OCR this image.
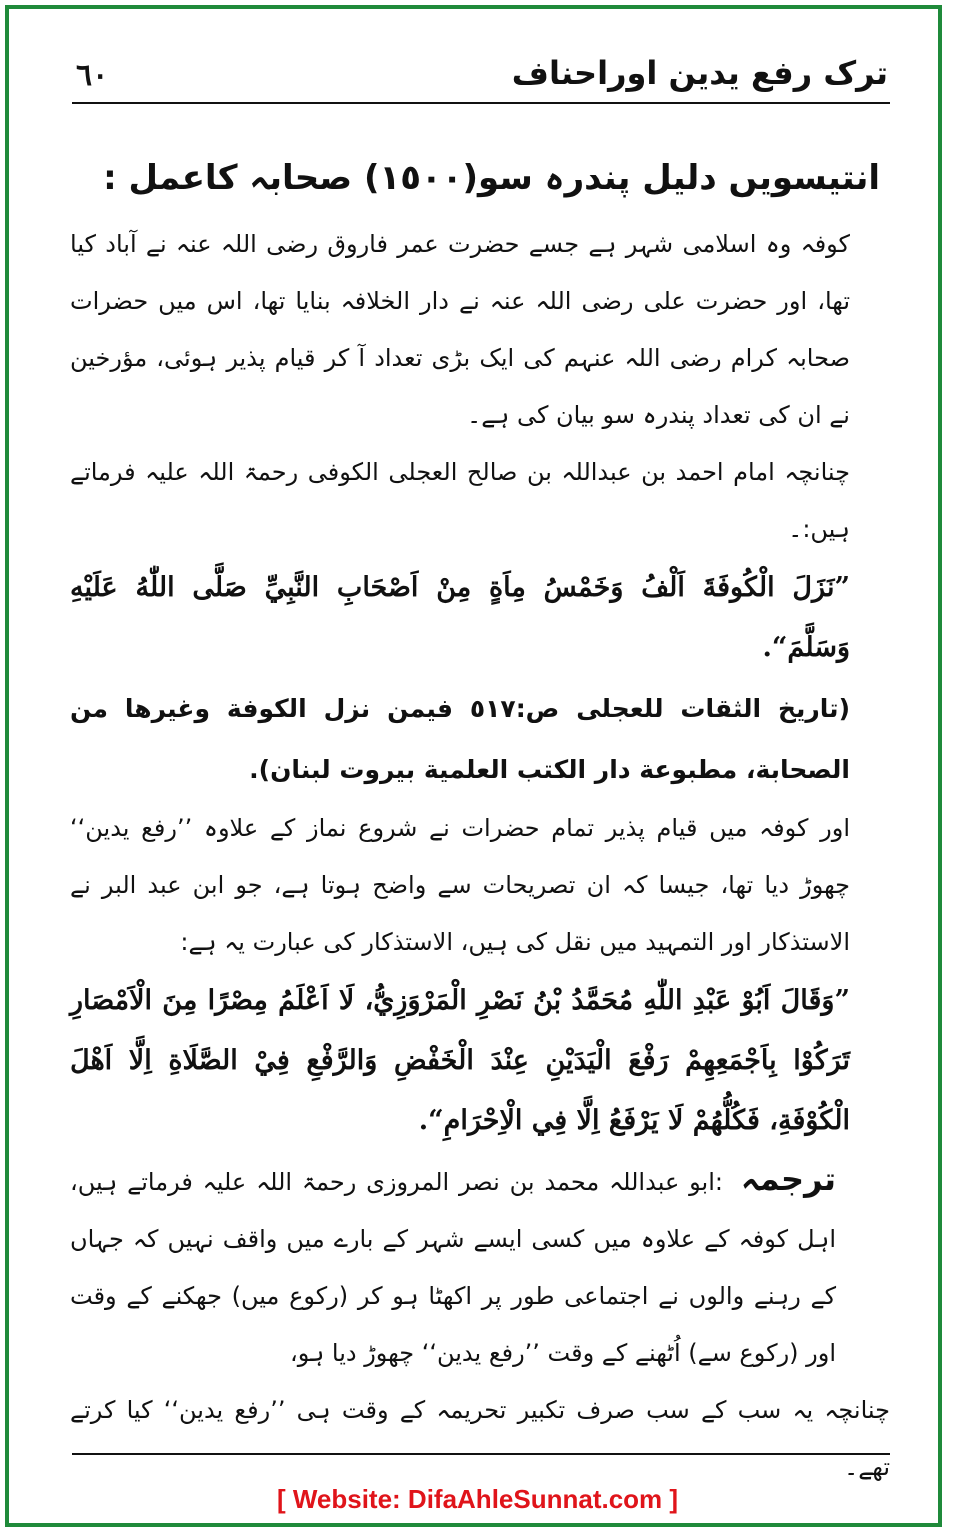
٦٠	ترک رفع یدین اوراحناف
انتیسویں دلیل پندرہ سو(١٥٠٠) صحابہ کاعمل :

کوفہ وہ اسلامی شہر ہے جسے حضرت عمر فاروق رضی اللہ عنہ نے آباد کیا تھا، اور حضرت علی رضی اللہ عنہ نے دار الخلافہ بنایا تھا، اس میں حضرات صحابہ کرام رضی اللہ عنہم کی ایک بڑی تعداد آ کر قیام پذیر ہوئی، مؤرخین نے ان کی تعداد پندرہ سو بیان کی ہے۔

چنانچہ امام احمد بن عبداللہ بن صالح العجلی الکوفی رحمۃ اللہ علیہ فرماتے ہیں:۔

”نَزَلَ الْكُوفَةَ اَلْفُ وَخَمْسُ مِاَةٍ مِنْ اَصْحَابِ النَّبِيِّ صَلَّى اللّٰهُ عَلَيْهِ وَسَلَّمَ“.

(تاريخ الثقات للعجلی ص:٥١٧ فيمن نزل الكوفة وغيرها من الصحابة، مطبوعة دار الكتب العلمية بيروت لبنان).

اور کوفہ میں قیام پذیر تمام حضرات نے شروع نماز کے علاوہ ’’رفع یدین‘‘ چھوڑ دیا تھا، جیسا کہ ان تصریحات سے واضح ہوتا ہے، جو ابن عبد البر نے الاستذکار اور التمہید میں نقل کی ہیں، الاستذکار کی عبارت یہ ہے:

”وَقَالَ اَبُوْ عَبْدِ اللّٰهِ مُحَمَّدُ بْنُ نَصْرِ الْمَرْوَزِيُّ، لَا اَعْلَمُ مِصْرًا مِنَ الْاَمْصَارِ تَرَكُوْا بِاَجْمَعِهِمْ رَفْعَ الْيَدَيْنِ عِنْدَ الْخَفْضِ وَالرَّفْعِ فِيْ الصَّلَاةِ اِلَّا اَهْلَ الْكُوْفَةِ، فَكُلُّهُمْ لَا يَرْفَعُ اِلَّا فِي الْاِحْرَامِ“.

ترجمہ :ابو عبداللہ محمد بن نصر المروزی رحمۃ اللہ علیہ فرماتے ہیں، اہل کوفہ کے علاوہ میں کسی ایسے شہر کے بارے میں واقف نہیں کہ جہاں کے رہنے والوں نے اجتماعی طور پر اکھٹا ہو کر (رکوع میں) جھکنے کے وقت اور (رکوع سے) اُٹھنے کے وقت ’’رفع یدین‘‘ چھوڑ دیا ہو،

چنانچہ یہ سب کے سب صرف تکبیر تحریمہ کے وقت ہی ’’رفع یدین‘‘ کیا کرتے تھے۔

[ Website: DifaAhleSunnat.com ]
